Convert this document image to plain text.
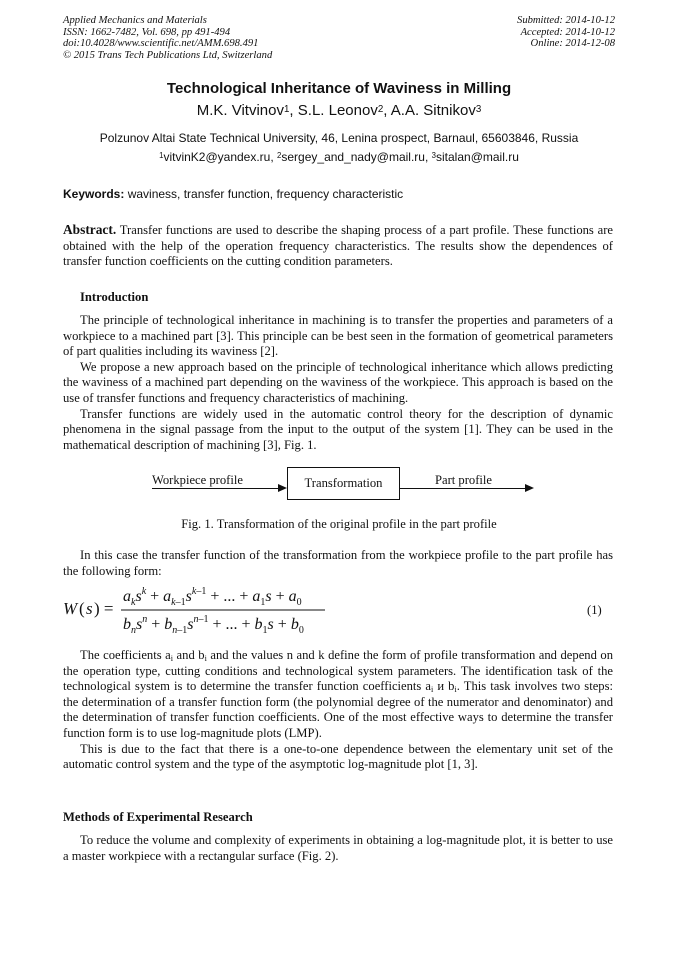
Applied Mechanics and Materials
ISSN: 1662-7482, Vol. 698, pp 491-494
doi:10.4028/www.scientific.net/AMM.698.491
© 2015 Trans Tech Publications Ltd, Switzerland
Submitted: 2014-10-12
Accepted: 2014-10-12
Online: 2014-12-08
Technological Inheritance of Waviness in Milling
M.K. Vitvinov$^1$, S.L. Leonov$^2$, A.A. Sitnikov$^3$
Polzunov Altai State Technical University, 46, Lenina prospect, Barnaul, 65603846, Russia
$^1$vitvinK2@yandex.ru, $^2$sergey_and_nady@mail.ru, $^3$sitalan@mail.ru
Keywords: waviness, transfer function, frequency characteristic
Abstract. Transfer functions are used to describe the shaping process of a part profile. These functions are obtained with the help of the operation frequency characteristics. The results show the dependences of transfer function coefficients on the cutting condition parameters.
Introduction

The principle of technological inheritance in machining is to transfer the properties and parameters of a workpiece to a machined part [3]. This principle can be best seen in the formation of geometrical parameters of part qualities including its waviness [2].

We propose a new approach based on the principle of technological inheritance which allows predicting the waviness of a machined part depending on the waviness of the workpiece. This approach is based on the use of transfer functions and frequency characteristics of machining.

Transfer functions are widely used in the automatic control theory for the description of dynamic phenomena in the signal passage from the input to the output of the system [1]. They can be used in the mathematical description of machining [3], Fig. 1.

Workpiece profile	Transformation	Part profile
Fig. 1. Transformation of the original profile in the part profile
In this case the transfer function of the transformation from the workpiece profile to the part profile has the following form:
W ( s ) =
$a_ks^k + a_k-1s^k-1$ + ... + $a_1s + a_0$
$b_ns^n + b_n-1s^n-1$ + ... + $b_1s + b_0$
(1)

The coefficients $a_i$ and $b_i$ and the values n and k define the form of profile transformation and depend on the operation type, cutting conditions and technological system parameters. The identification task of the technological system is to determine the transfer function coefficients $a_i$ и $b_i$. This task involves two steps: the determination of a transfer function form (the polynomial degree of the numerator and denominator) and the determination of transfer function coefficients. One of the most effective ways to determine the transfer function form is to use log-magnitude plots (LMP).

This is due to the fact that there is a one-to-one dependence between the elementary unit set of the automatic control system and the type of the asymptotic log-magnitude plot [1, 3].

Methods of Experimental Research
To reduce the volume and complexity of experiments in obtaining a log-magnitude plot, it is better to use a master workpiece with a rectangular surface (Fig. 2).
